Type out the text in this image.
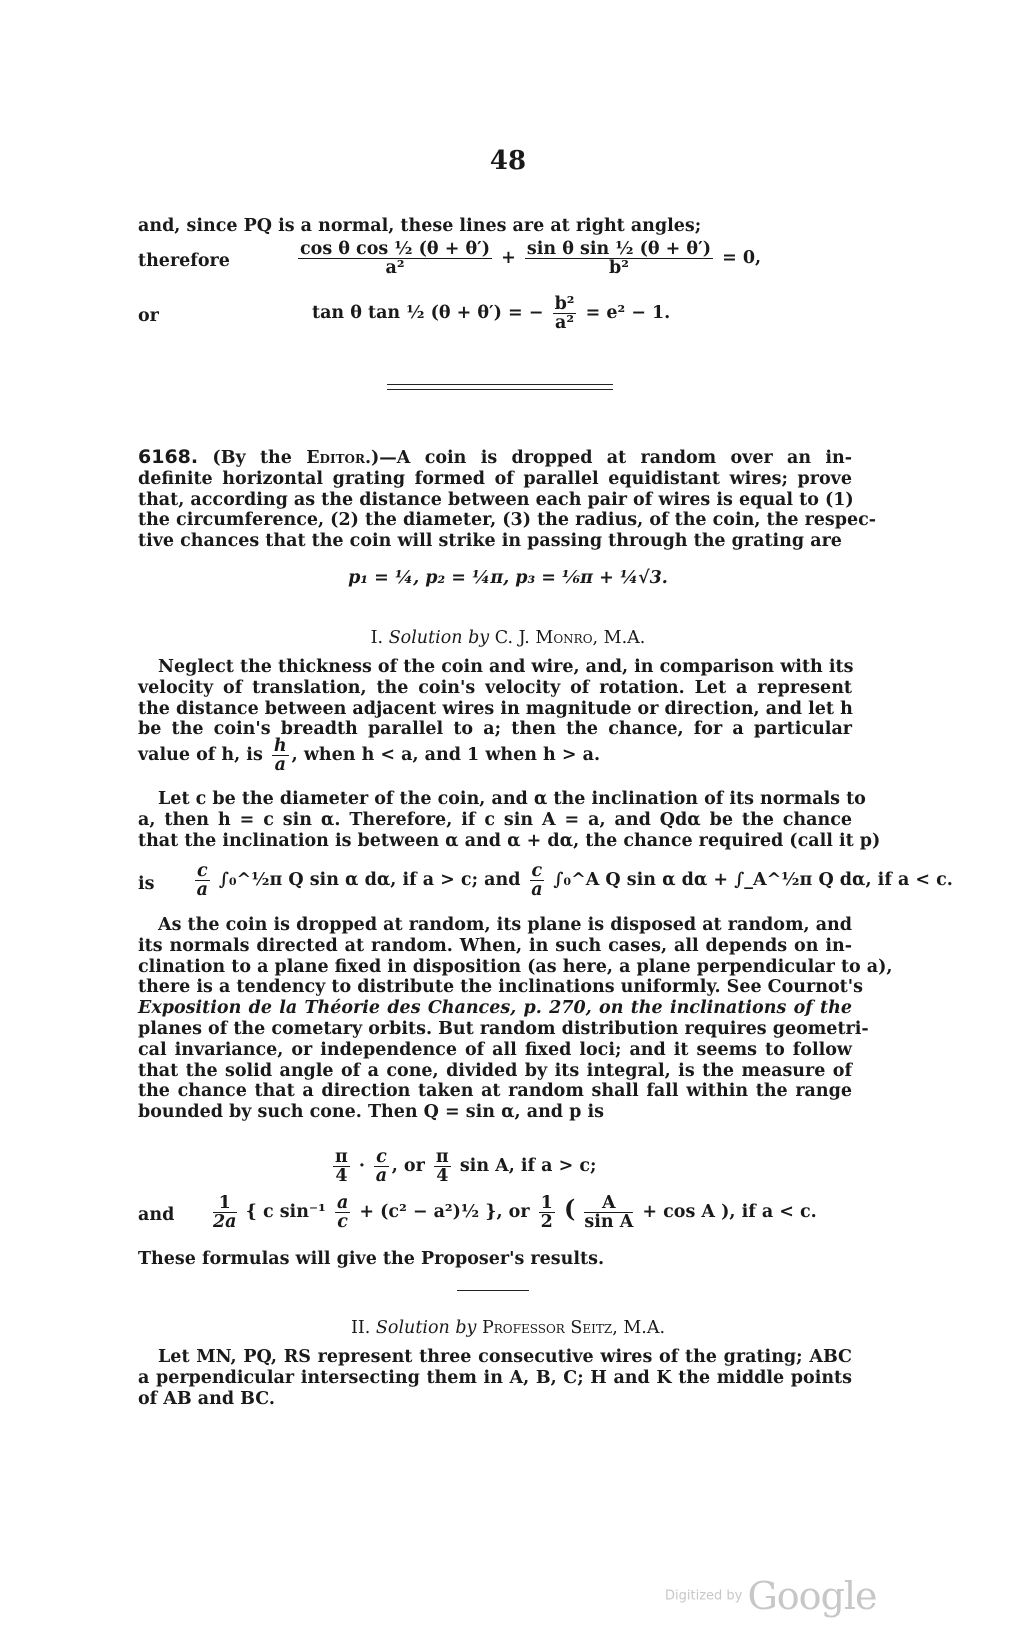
48
and, since PQ is a normal, these lines are at right angles;
therefore	$\frac{\text{cos θ cos ½ (θ + θ′)}}{\text{a²}} + \frac{\text{sin θ sin ½ (θ + θ′)}}{\text{b²}} = 0$,
or	tan θ tan ½ (θ + θ′) = − $\frac{\text{b²}}{\text{a²}} = e^2 - 1$.
6168. (By the Editor.)—A coin is dropped at random over an in-
definite horizontal grating formed of parallel equidistant wires; prove
that, according as the distance between each pair of wires is equal to (1)
the circumference, (2) the diameter, (3) the radius, of the coin, the respec-
tive chances that the coin will strike in passing through the grating are
p₁ = ¼, p₂ = ¼π, p₃ = ⅙π + ¼√3.
I. Solution by C. J. Monro, M.A.
Neglect the thickness of the coin and wire, and, in comparison with its
velocity of translation, the coin's velocity of rotation. Let a represent
the distance between adjacent wires in magnitude or direction, and let h
be the coin's breadth parallel to a; then the chance, for a particular
value of h, is $\frac{h}{a}$ , when h < a, and 1 when h > a.
Let c be the diameter of the coin, and α the inclination of its normals to
a, then h = c sin α. Therefore, if c sin A = a, and Qdα be the chance
that the inclination is between α and α + dα, the chance required (call it p)
is $\frac{c}{a}$ ∫₀^½π Q sin α dα, if a > c; and $\frac{c}{a}$ ∫₀^A Q sin α dα + ∫_A^½π Q dα, if a < c.
As the coin is dropped at random, its plane is disposed at random, and
its normals directed at random. When, in such cases, all depends on in-
clination to a plane fixed in disposition (as here, a plane perpendicular to a),
there is a tendency to distribute the inclinations uniformly. See Cournot's
Exposition de la Théorie des Chances, p. 270, on the inclinations of the
planes of the cometary orbits. But random distribution requires geometri-
cal invariance, or independence of all fixed loci; and it seems to follow
that the solid angle of a cone, divided by its integral, is the measure of
the chance that a direction taken at random shall fall within the range
bounded by such cone. Then Q = sin α, and p is
$\frac{\pi}{4} \cdot \frac{c}{a}$ , or $\frac{\pi}{4}$ sin A, if a > c;
and $\frac{1}{2a}$ { c $\sin^{-1} \frac{a}{c} + (c^2$ − a²)½ }, or $\frac{1}{2}$ ( $\frac{A}{\text{sin A}} + \cos A$ ), if a < c.
These formulas will give the Proposer's results.
II. Solution by Professor Seitz, M.A.
Let MN, PQ, RS represent three consecutive wires of the grating; ABC
a perpendicular intersecting them in A, B, C; H and K the middle points
of AB and BC.
Digitized by Google
